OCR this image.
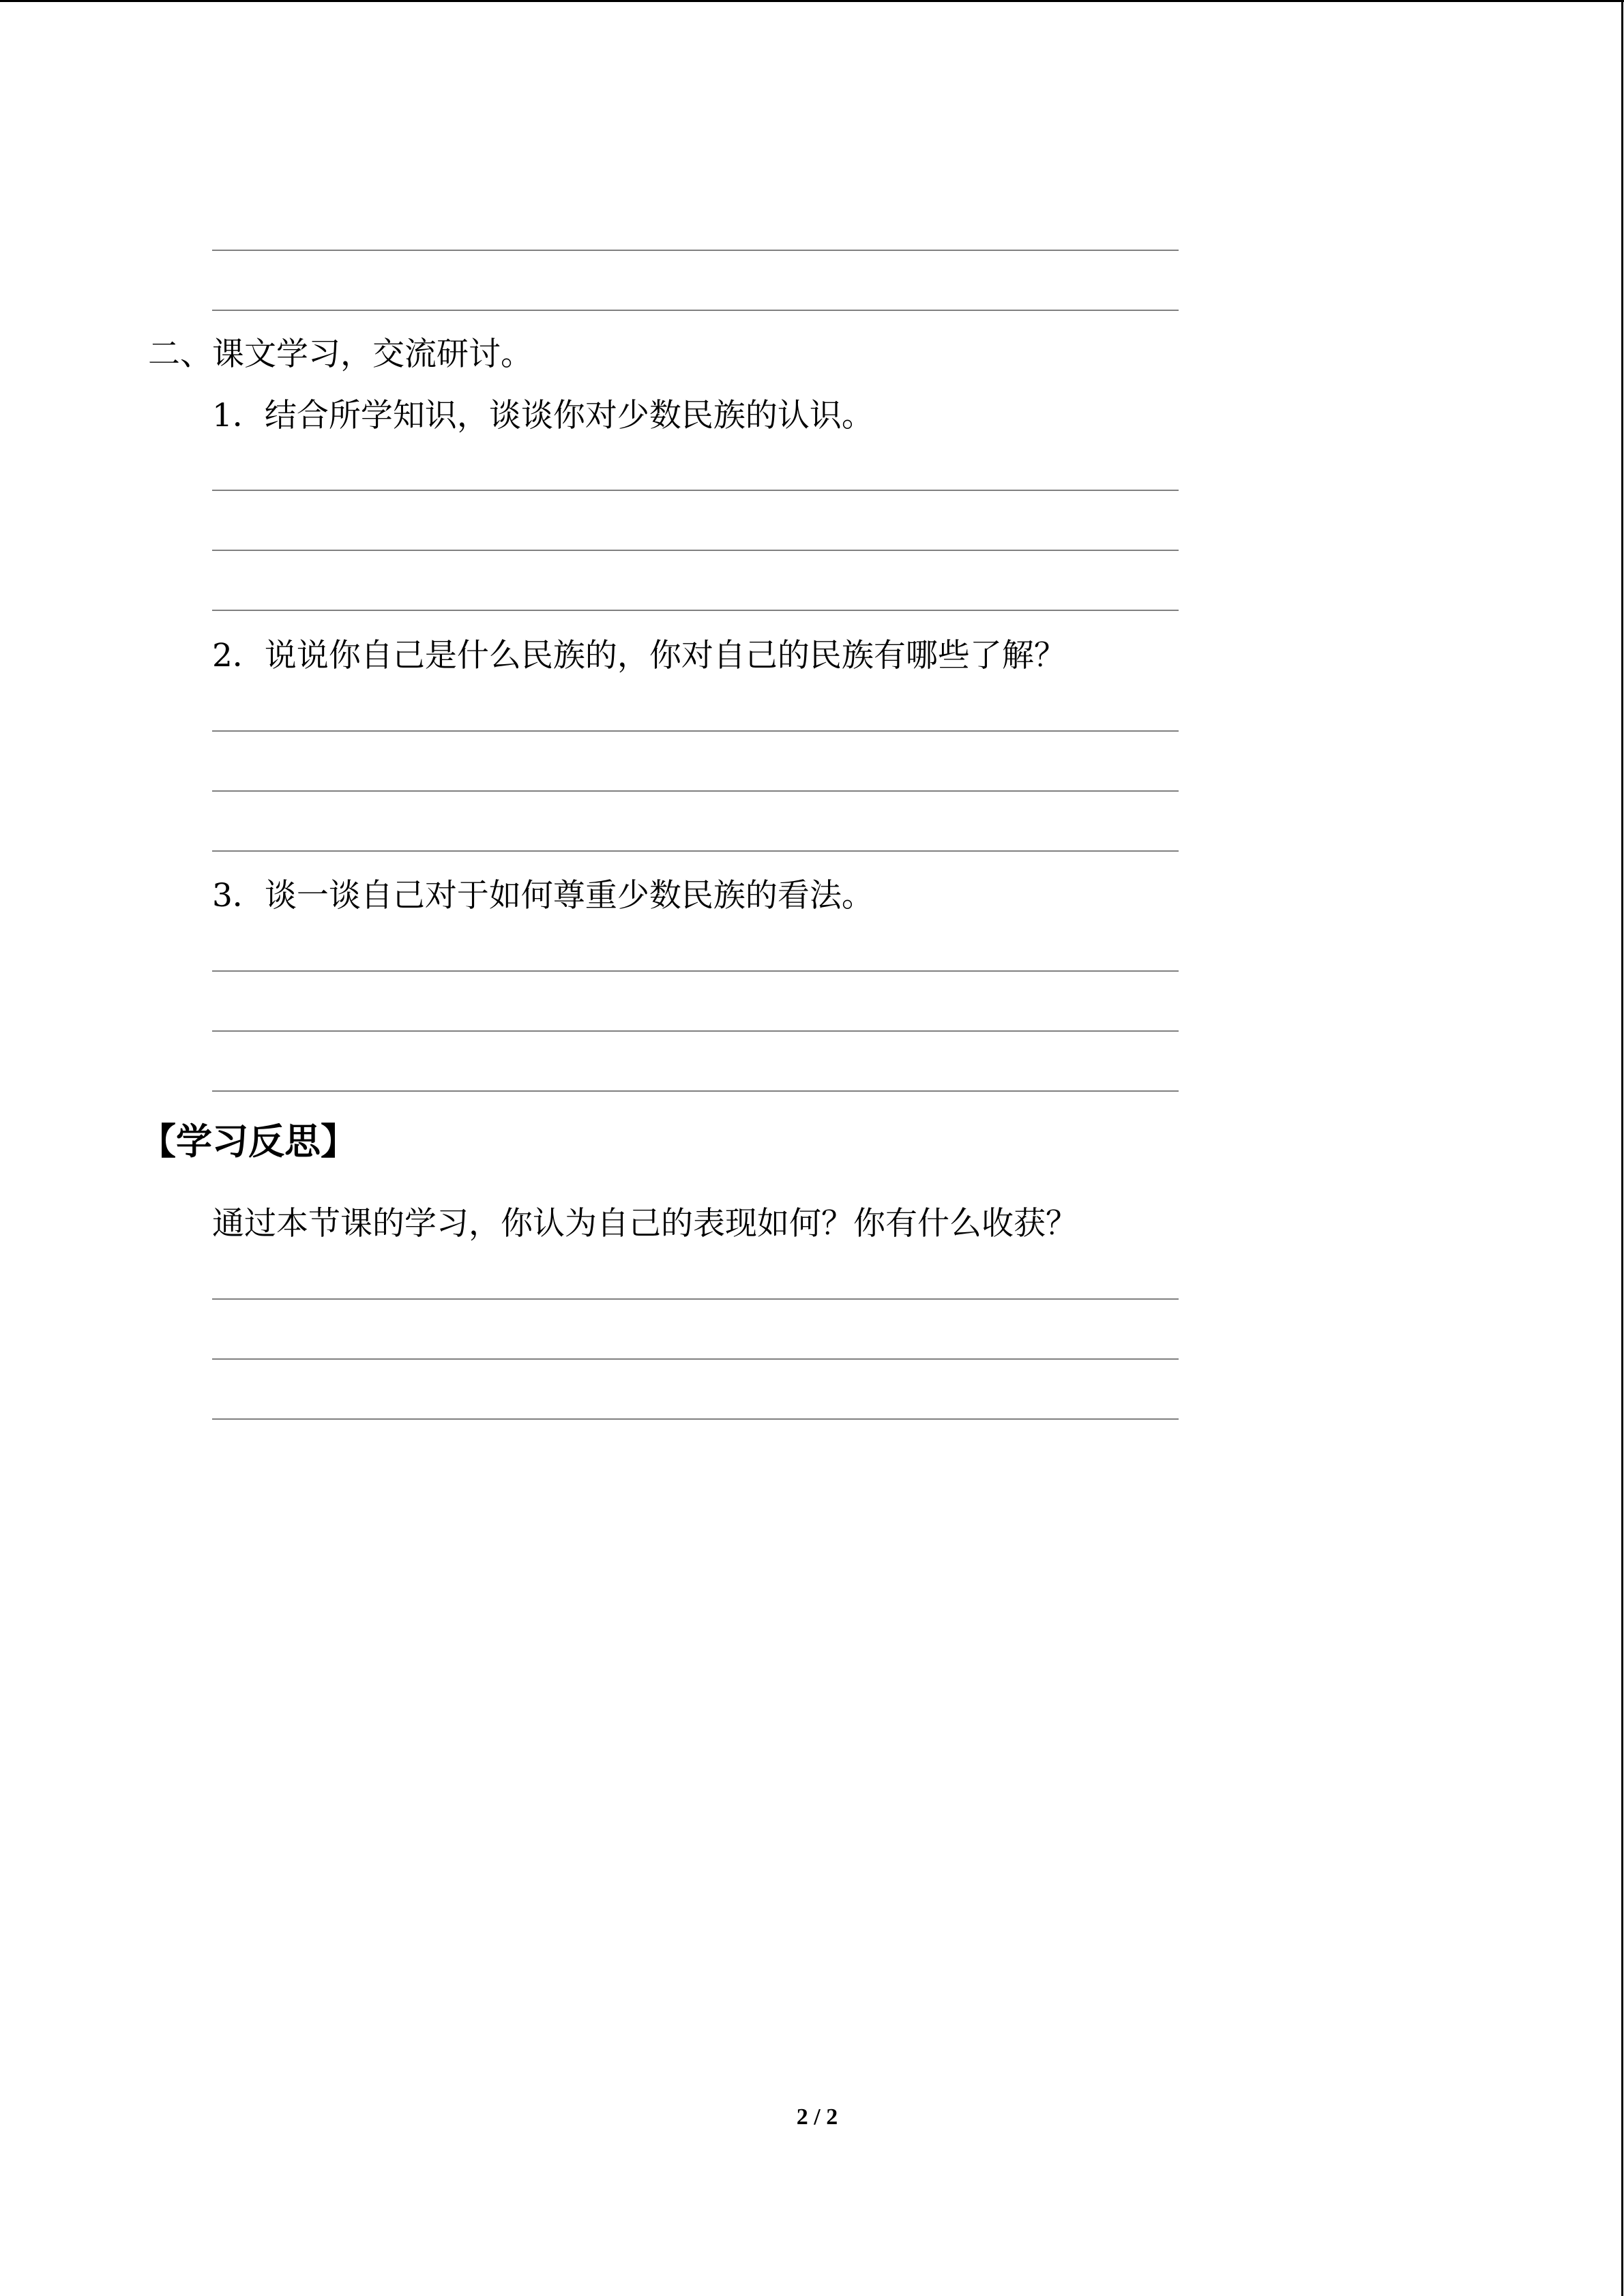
二、课文学习，交流研讨。
1．结合所学知识，谈谈你对少数民族的认识。
2．说说你自己是什么民族的，你对自己的民族有哪些了解？
3．谈一谈自己对于如何尊重少数民族的看法。
【学习反思】
通过本节课的学习，你认为自己的表现如何？你有什么收获？
2 / 2
